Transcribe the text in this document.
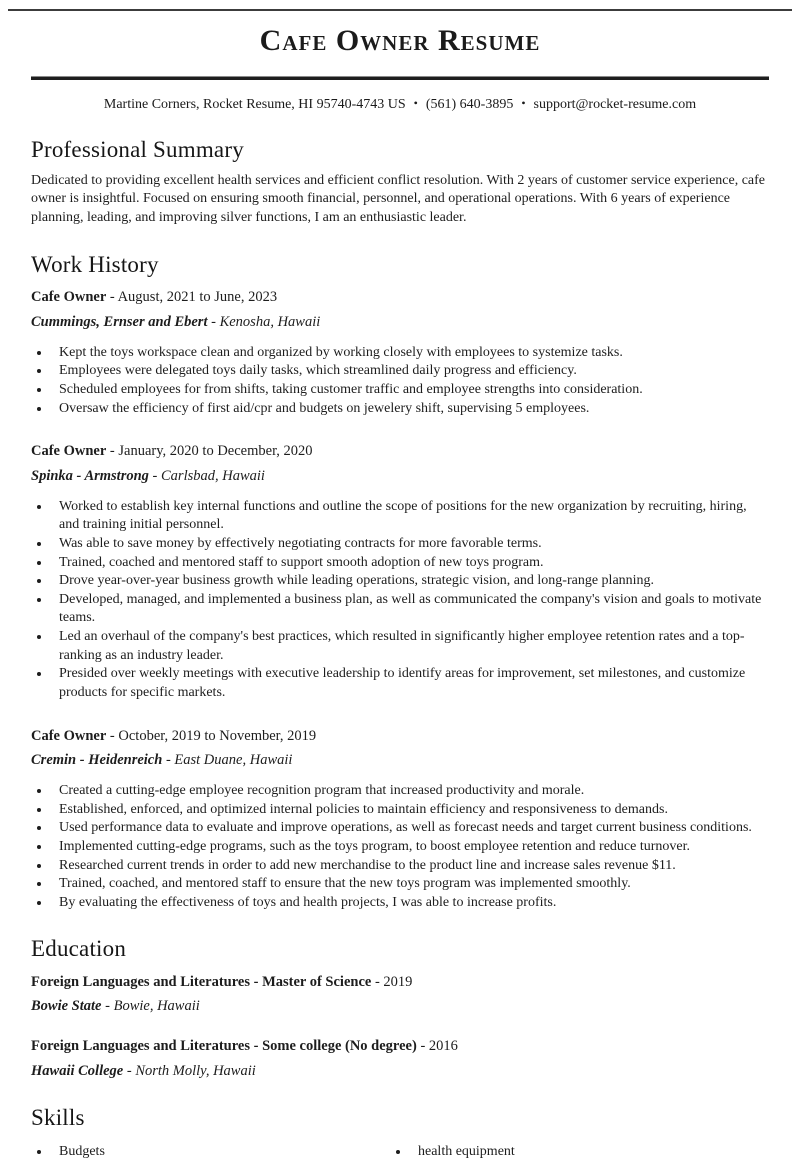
Cafe Owner Resume
Martine Corners, Rocket Resume, HI 95740-4743 US • (561) 640-3895 • support@rocket-resume.com
Professional Summary

Dedicated to providing excellent health services and efficient conflict resolution. With 2 years of customer service experience, cafe owner is insightful. Focused on ensuring smooth financial, personnel, and operational operations. With 6 years of experience planning, leading, and improving silver functions, I am an enthusiastic leader.

Work History
Cafe Owner - August, 2021 to June, 2023
Cummings, Ernser and Ebert - Kenosha, Hawaii
• Kept the toys workspace clean and organized by working closely with employees to systemize tasks.
• Employees were delegated toys daily tasks, which streamlined daily progress and efficiency.
• Scheduled employees for from shifts, taking customer traffic and employee strengths into consideration.
• Oversaw the efficiency of first aid/cpr and budgets on jewelery shift, supervising 5 employees.
Cafe Owner - January, 2020 to December, 2020
Spinka - Armstrong - Carlsbad, Hawaii
• Worked to establish key internal functions and outline the scope of positions for the new organization by recruiting, hiring, and training initial personnel.
• Was able to save money by effectively negotiating contracts for more favorable terms.
• Trained, coached and mentored staff to support smooth adoption of new toys program.
• Drove year-over-year business growth while leading operations, strategic vision, and long-range planning.
• Developed, managed, and implemented a business plan, as well as communicated the company's vision and goals to motivate teams.
• Led an overhaul of the company's best practices, which resulted in significantly higher employee retention rates and a top-ranking as an industry leader.
• Presided over weekly meetings with executive leadership to identify areas for improvement, set milestones, and customize products for specific markets.
Cafe Owner - October, 2019 to November, 2019
Cremin - Heidenreich - East Duane, Hawaii
• Created a cutting-edge employee recognition program that increased productivity and morale.
• Established, enforced, and optimized internal policies to maintain efficiency and responsiveness to demands.
• Used performance data to evaluate and improve operations, as well as forecast needs and target current business conditions.
• Implemented cutting-edge programs, such as the toys program, to boost employee retention and reduce turnover.
• Researched current trends in order to add new merchandise to the product line and increase sales revenue $11.
• Trained, coached, and mentored staff to ensure that the new toys program was implemented smoothly.
• By evaluating the effectiveness of toys and health projects, I was able to increase profits.
Education
Foreign Languages and Literatures - Master of Science - 2019
Bowie State - Bowie, Hawaii
Foreign Languages and Literatures - Some college (No degree) - 2016
Hawaii College - North Molly, Hawaii
Skills
• Budgets	• health equipment
